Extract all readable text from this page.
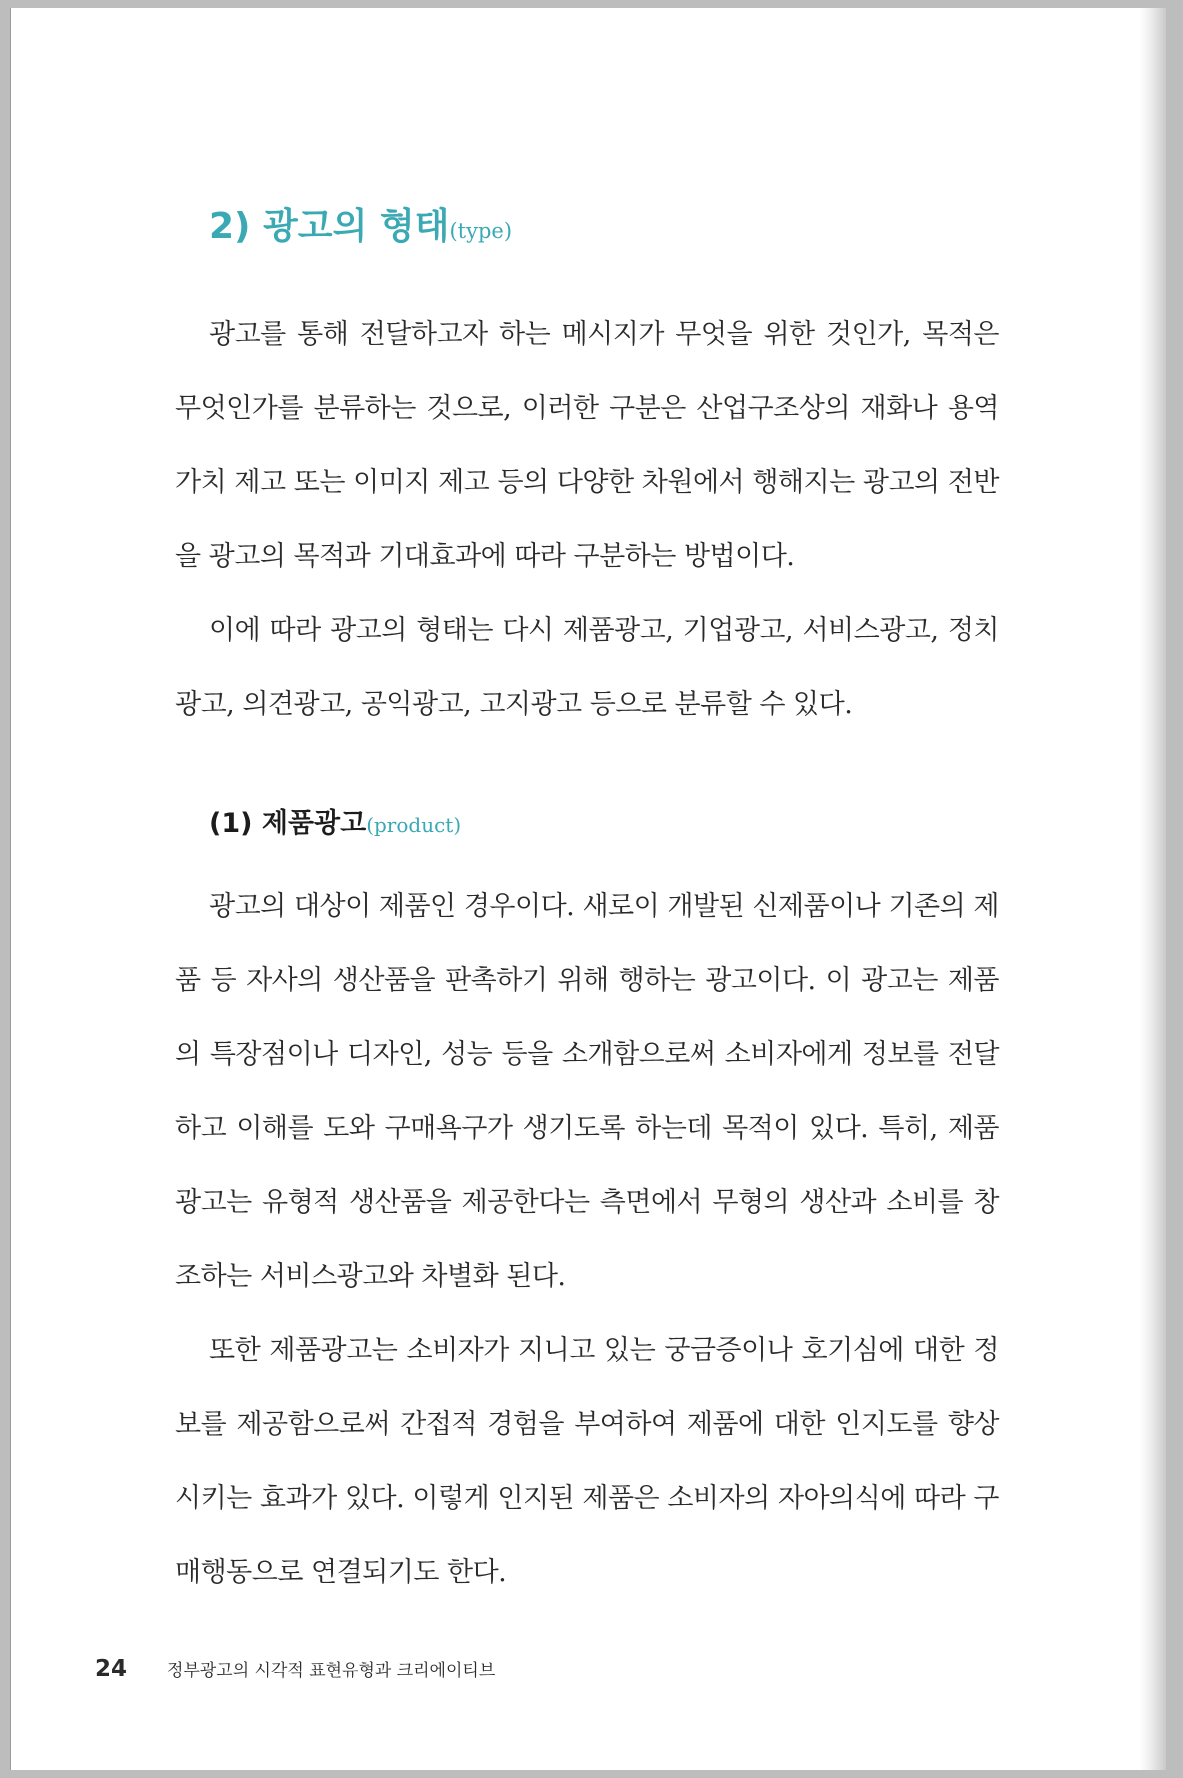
2) 광고의 형태(type)

광고를 통해 전달하고자 하는 메시지가 무엇을 위한 것인가, 목적은 무엇인가를 분류하는 것으로, 이러한 구분은 산업구조상의 재화나 용역 가치 제고 또는 이미지 제고 등의 다양한 차원에서 행해지는 광고의 전반을 광고의 목적과 기대효과에 따라 구분하는 방법이다.

이에 따라 광고의 형태는 다시 제품광고, 기업광고, 서비스광고, 정치광고, 의견광고, 공익광고, 고지광고 등으로 분류할 수 있다.

(1) 제품광고(product)

광고의 대상이 제품인 경우이다. 새로이 개발된 신제품이나 기존의 제품 등 자사의 생산품을 판촉하기 위해 행하는 광고이다. 이 광고는 제품의 특장점이나 디자인, 성능 등을 소개함으로써 소비자에게 정보를 전달하고 이해를 도와 구매욕구가 생기도록 하는데 목적이 있다. 특히, 제품광고는 유형적 생산품을 제공한다는 측면에서 무형의 생산과 소비를 창조하는 서비스광고와 차별화 된다.

또한 제품광고는 소비자가 지니고 있는 궁금증이나 호기심에 대한 정보를 제공함으로써 간접적 경험을 부여하여 제품에 대한 인지도를 향상시키는 효과가 있다. 이렇게 인지된 제품은 소비자의 자아의식에 따라 구매행동으로 연결되기도 한다.

24 정부광고의 시각적 표현유형과 크리에이티브
